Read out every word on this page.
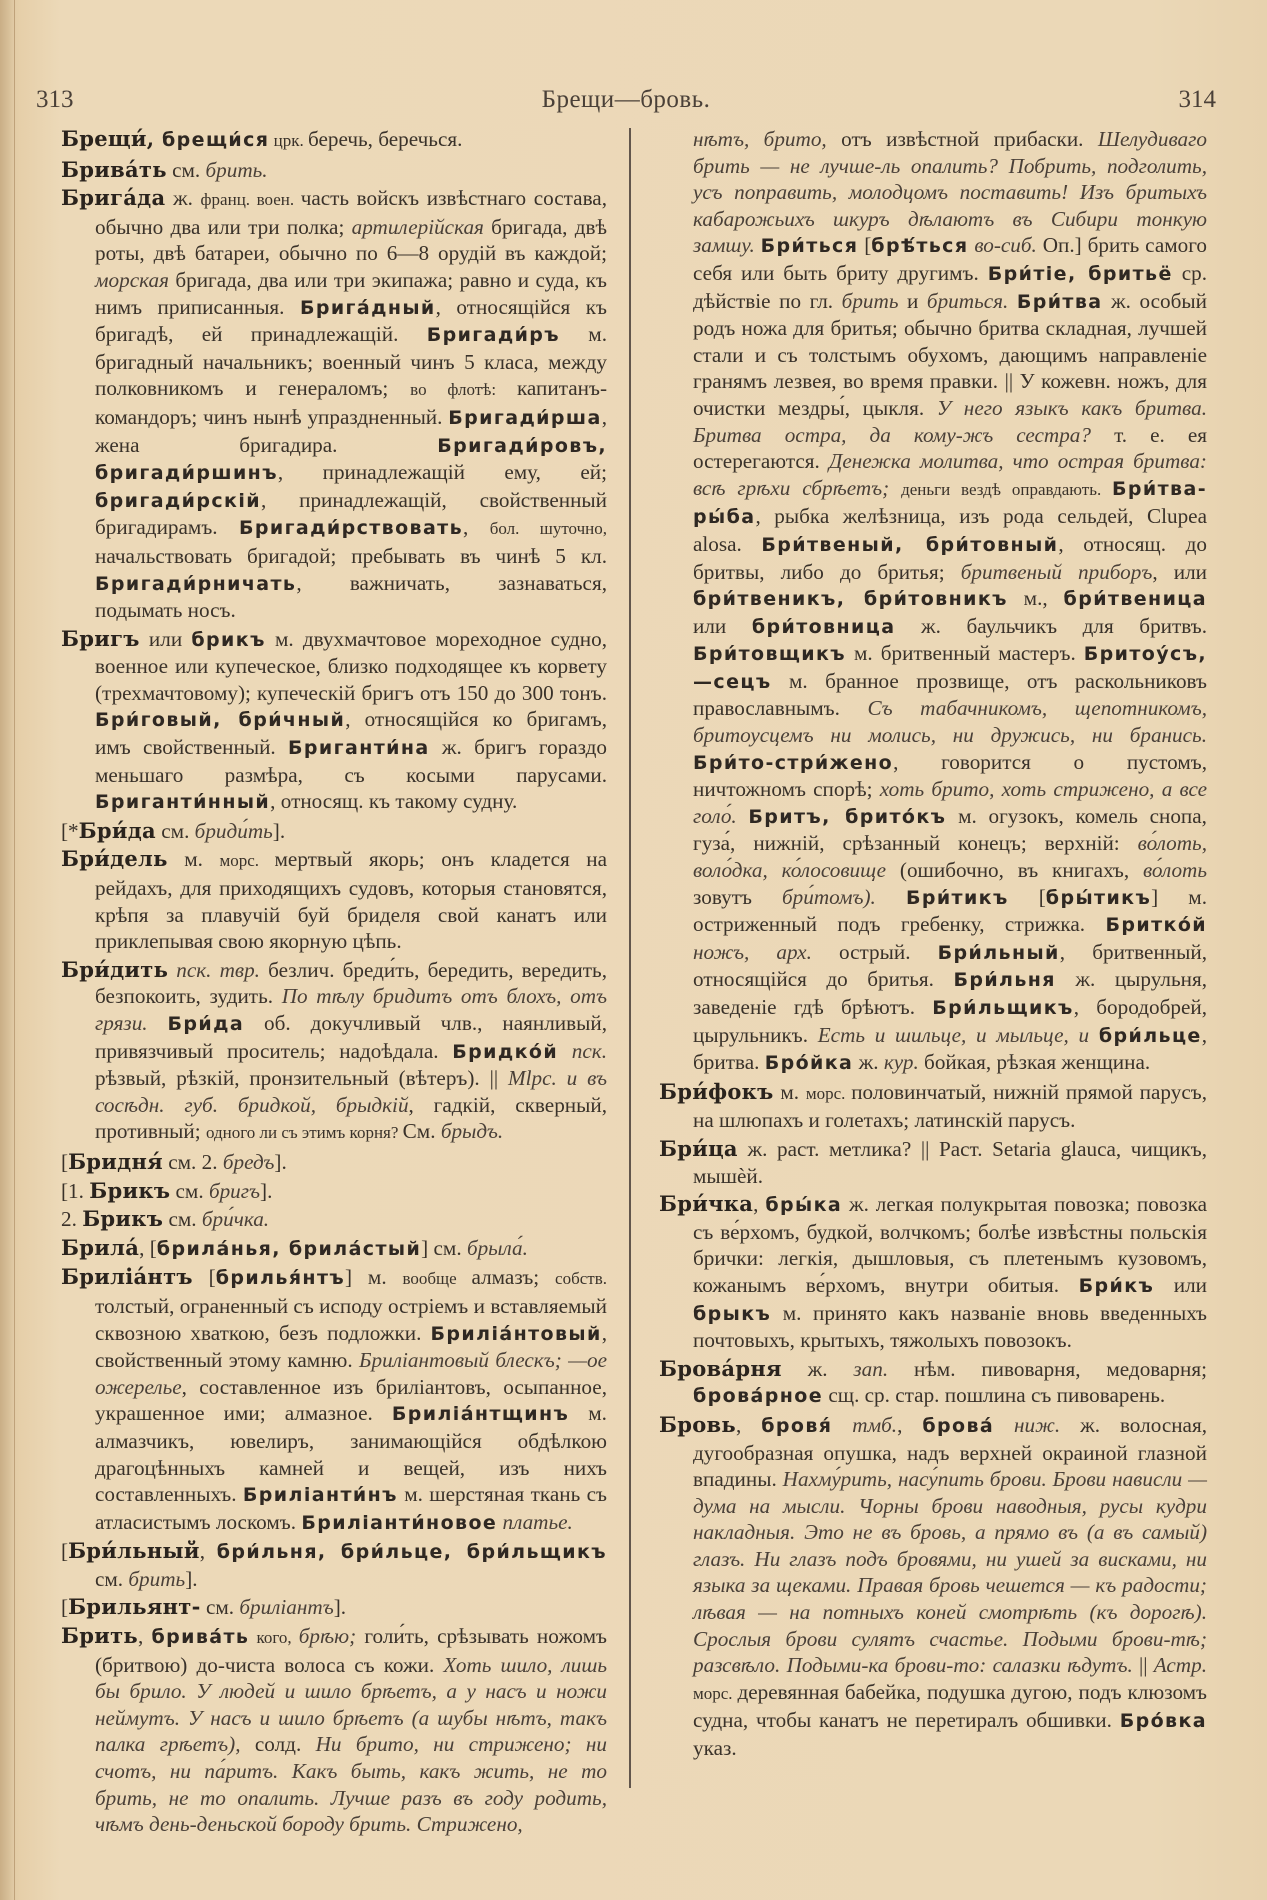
313	Брещи—бровь.	314

Брещи́, брещи́ся црк. беречь, беречься.

Брива́ть см. брить.

Брига́да ж. франц. воен. часть войскъ извѣстнаго состава, обычно два или три полка; артилерiйская бригада, двѣ роты, двѣ батареи, обычно по 6—8 орудiй въ каждой; морская бригада, два или три экипажа; равно и суда, къ нимъ приписанныя. Брига́дный, относящiйся къ бригадѣ, ей принадлежащiй. Бригади́ръ м. бригадный начальникъ; военный чинъ 5 класа, между полковникомъ и генераломъ; во флотѣ: капитанъ-командоръ; чинъ нынѣ упраздненный. Бригади́рша, жена бригадира. Бригади́ровъ, бригади́ршинъ, принадлежащiй ему, ей; бригади́рскiй, принадлежащiй, свойственный бригадирамъ. Бригади́рствовать, бол. шуточно, начальствовать бригадой; пребывать въ чинѣ 5 кл. Бригади́рничать, важничать, зазнаваться, подымать носъ.

Бригъ или брикъ м. двухмачтовое мореходное судно, военное или купеческое, близко подходящее къ корвету (трехмачтовому); купеческiй бригъ отъ 150 до 300 тонъ. Бри́говый, бри́чный, относящiйся ко бригамъ, имъ свойственный. Бриганти́на ж. бригъ гораздо меньшаго размѣра, съ косыми парусами. Бриганти́нный, относящ. къ такому судну.

[*Бри́да см. бриди́ть].

Бри́дель м. морс. мертвый якорь; онъ кладется на рейдахъ, для приходящихъ судовъ, которыя становятся, крѣпя за плавучiй буй бриделя свой канатъ или приклепывая свою якорную цѣпь.

Бри́дить пск. твр. безлич. бреди́ть, бередить, вередить, безпокоить, зудить. По тѣлу бридитъ отъ блохъ, отъ грязи. Бри́да об. докучливый члв., наянливый, привязчивый проситель; надоѣдала. Бридко́й пск. рѣзвый, рѣзкiй, пронзительный (вѣтеръ). || Мlрс. и въ сосѣдн. губ. бридкой, брыдкiй, гадкiй, скверный, противный; одного ли съ этимъ корня? См. брыдъ.

[Бридня́ см. 2. бредъ].

[1. Брикъ см. бригъ].

2. Брикъ см. бри́чка.

Брила́, [брила́нья, брила́стый] см. брыла́.

Брилiа́нтъ [брилья́нтъ] м. вообще алмазъ; собств. толстый, ограненный съ исподу острiемъ и вставляемый сквозною хваткою, безъ подложки. Брилiа́нтовый, свойственный этому камню. Брилiантовый блескъ; —ое ожерелье, составленное изъ брилiантовъ, осыпанное, украшенное ими; алмазное. Брилiа́нтщинъ м. алмазчикъ, ювелиръ, занимающiйся обдѣлкою драгоцѣнныхъ камней и вещей, изъ нихъ составленныхъ. Брилiанти́нъ м. шерстяная ткань съ атласистымъ лоскомъ. Брилiанти́новое платье.

[Бри́льный, бри́льня, бри́льце, бри́льщикъ см. брить].

[Брильянт- см. брилiантъ].

Брить, брива́ть кого, брѣю; голи́ть, срѣзывать ножомъ (бритвою) до-чиста волоса съ кожи. Хоть шило, лишь бы брило. У людей и шило брѣетъ, а у насъ и ножи неймутъ. У насъ и шило брѣетъ (а шубы нѣтъ, такъ палка грѣетъ), солд. Ни брито, ни стрижено; ни счотъ, ни па́ритъ. Какъ быть, какъ жить, не то брить, не то опалить. Лучше разъ въ году родить, чѣмъ день-деньской бороду брить. Стрижено,

нѣтъ, брито, отъ извѣстной прибаски. Шелудиваго брить — не лучше-ль опалить? Побрить, подголить, усъ поправить, молодцомъ поставить! Изъ бритыхъ кабарожьихъ шкуръ дѣлаютъ въ Сибири тонкую замшу. Бри́ться [брѣ́ться во-сиб. Оп.] брить самого себя или быть бриту другимъ. Бри́тiе, бритьё ср. дѣйствiе по гл. брить и бриться. Бри́тва ж. особый родъ ножа для бритья; обычно бритва складная, лучшей стали и съ толстымъ обухомъ, дающимъ направленiе гранямъ лезвея, во время правки. || У кожевн. ножъ, для очистки мездры́, цыкля. У него языкъ какъ бритва. Бритва остра, да кому-жъ сестра? т. е. ея остерегаются. Денежка молитва, что острая бритва: всѣ грѣхи сбрѣетъ; деньги вездѣ оправдають. Бри́тва-ры́ба, рыбка желѣзница, изъ рода сельдей, Clupea alosa. Бри́твеный, бри́товный, относящ. до бритвы, либо до бритья; бритвеный приборъ, или бри́твеникъ, бри́товникъ м., бри́твеница или бри́товница ж. баульчикъ для бритвъ. Бри́товщикъ м. бритвенный мастеръ. Бритоу́съ, —сецъ м. бранное прозвище, отъ раскольниковъ православнымъ. Съ табачникомъ, щепотникомъ, бритоусцемъ ни молись, ни дружись, ни бранись. Бри́то-стри́жено, говорится о пустомъ, ничтожномъ спорѣ; хоть брито, хоть стрижено, а все голо́. Бритъ, брито́къ м. огузокъ, комель снопа, гуза́, нижнiй, срѣзанный конецъ; верхнiй: во́лоть, воло́дка, ко́лосовище (ошибочно, въ книгахъ, во́лоть зовутъ бри́томъ). Бри́тикъ [бры́тикъ] м. остриженный подъ гребенку, стрижка. Бритко́й ножъ, арх. острый. Бри́льный, бритвенный, относящiйся до бритья. Бри́льня ж. цырульня, заведенiе гдѣ брѣютъ. Бри́льщикъ, бородобрей, цырульникъ. Есть и шильце, и мыльце, и бри́льце, бритва. Бро́йка ж. кур. бойкая, рѣзкая женщина.

Бри́фокъ м. морс. половинчатый, нижнiй прямой парусъ, на шлюпахъ и голетахъ; латинскiй парусъ.

Бри́ца ж. раст. метлика? || Раст. Setaria glauca, чищикъ, мышѐй.

Бри́чка, бры́ка ж. легкая полукрытая повозка; повозка съ ве́рхомъ, будкой, волчкомъ; болѣе извѣстны польскiя брички: легкiя, дышловыя, съ плетенымъ кузовомъ, кожанымъ ве́рхомъ, внутри обитыя. Бри́къ или брыкъ м. принято какъ названiе вновь введенныхъ почтовыхъ, крытыхъ, тяжолыхъ повозокъ.

Брова́рня ж. зап. нѣм. пивоварня, медоварня; брова́рное сщ. ср. стар. пошлина съ пивоварень.

Бровь, бровя́ тмб., брова́ ниж. ж. волосная, дугообразная опушка, надъ верхней окраиной глазной впадины. Нахму́рить, насу́пить брови. Брови нависли — дума на мысли. Чорны брови наводныя, русы кудри накладныя. Это не въ бровь, а прямо въ (а въ самый) глазъ. Ни глазъ подъ бровями, ни ушей за висками, ни языка за щеками. Правая бровь чешется — къ радости; лѣвая — на потныхъ коней смотрѣть (къ дорогѣ). Срослыя брови сулятъ счастье. Подыми брови-тѣ; разсвѣло. Подыми-ка брови-то: салазки ѣдутъ. || Астр. морс. деревянная бабейка, подушка дугою, подъ клюзомъ судна, чтобы канатъ не перетиралъ обшивки. Бро́вка указ.
